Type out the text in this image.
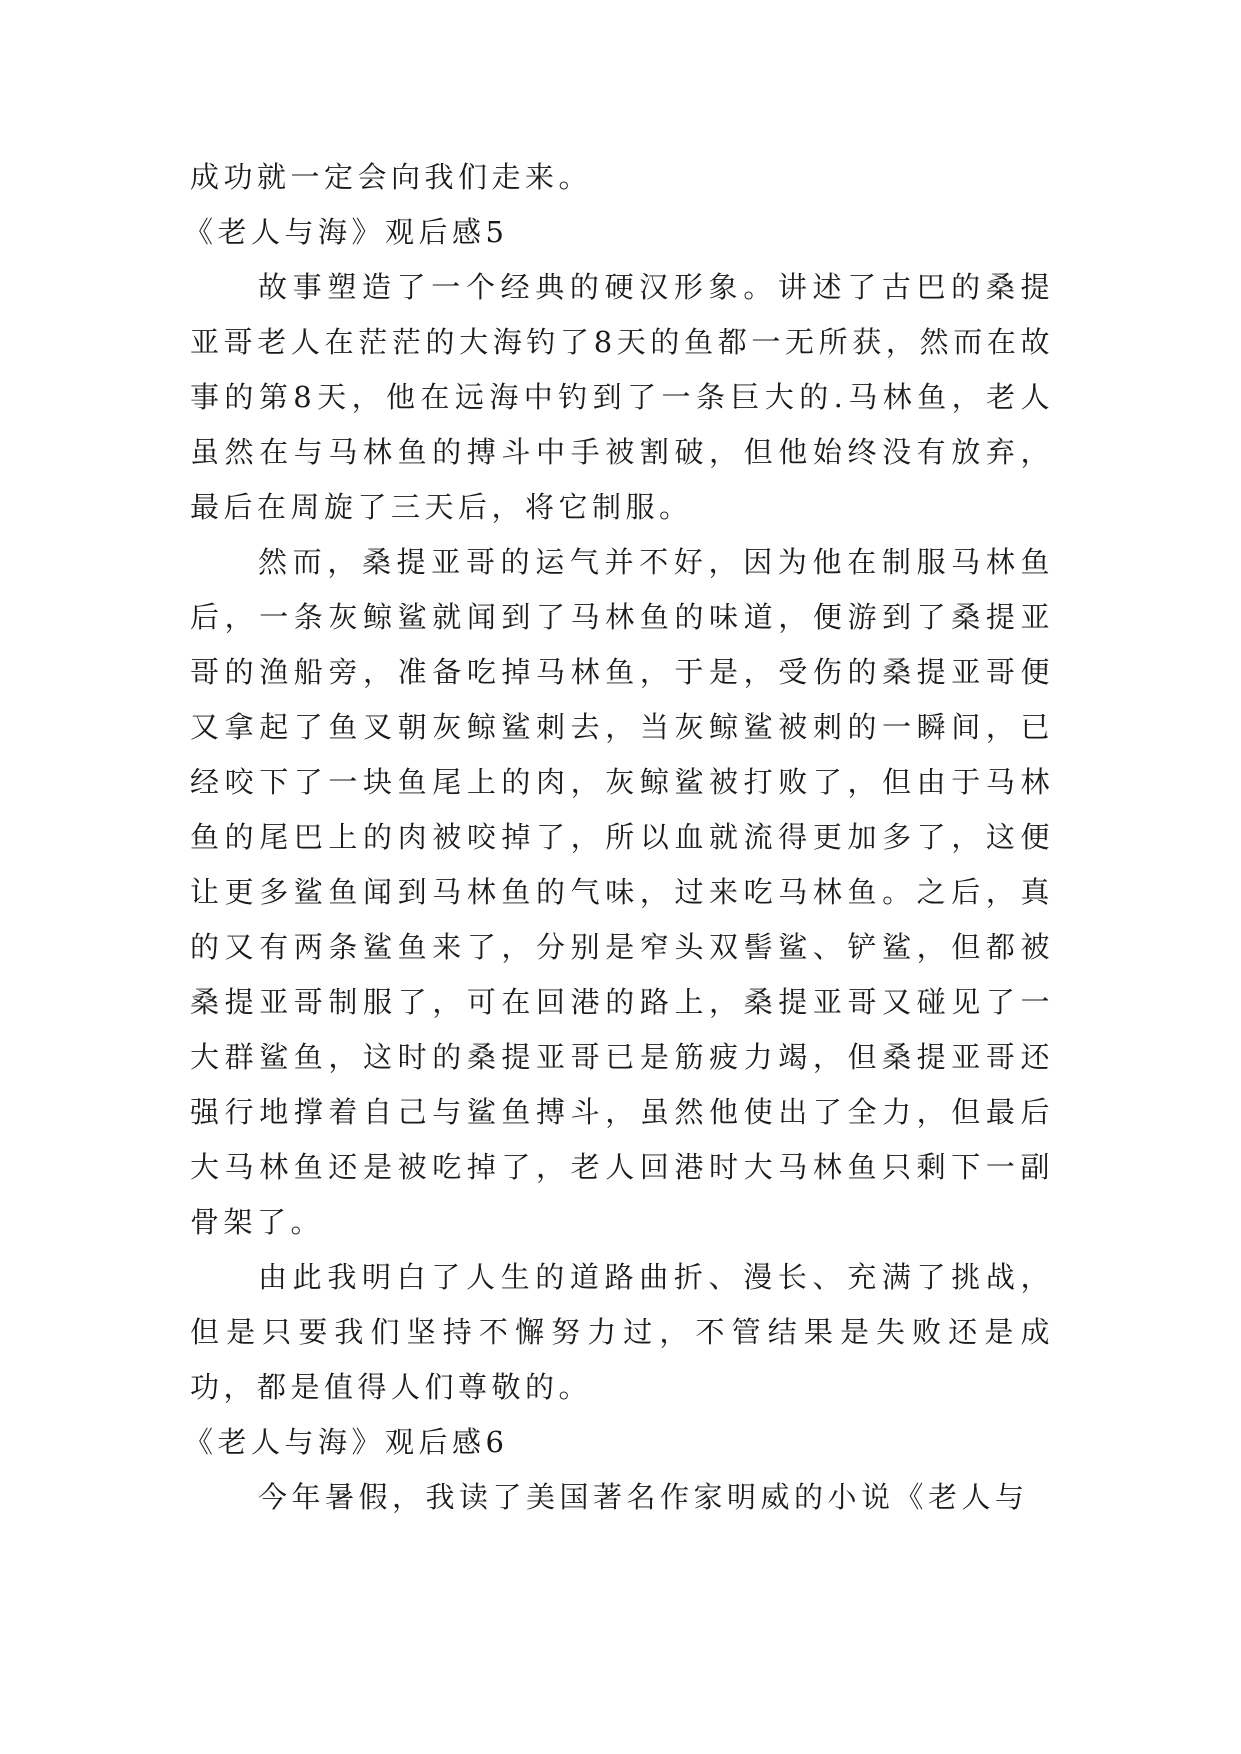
成功就一定会向我们走来。

《老人与海》观后感5

故事塑造了一个经典的硬汉形象。讲述了古巴的桑提亚哥老人在茫茫的大海钓了8天的鱼都一无所获，然而在故事的第8天，他在远海中钓到了一条巨大的.马林鱼，老人虽然在与马林鱼的搏斗中手被割破，但他始终没有放弃，最后在周旋了三天后，将它制服。

然而，桑提亚哥的运气并不好，因为他在制服马林鱼后，一条灰鲸鲨就闻到了马林鱼的味道，便游到了桑提亚哥的渔船旁，准备吃掉马林鱼，于是，受伤的桑提亚哥便又拿起了鱼叉朝灰鲸鲨刺去，当灰鲸鲨被刺的一瞬间，已经咬下了一块鱼尾上的肉，灰鲸鲨被打败了，但由于马林鱼的尾巴上的肉被咬掉了，所以血就流得更加多了，这便让更多鲨鱼闻到马林鱼的气味，过来吃马林鱼。之后，真的又有两条鲨鱼来了，分别是窄头双髻鲨、铲鲨，但都被桑提亚哥制服了，可在回港的路上，桑提亚哥又碰见了一大群鲨鱼，这时的桑提亚哥已是筋疲力竭，但桑提亚哥还强行地撑着自己与鲨鱼搏斗，虽然他使出了全力，但最后大马林鱼还是被吃掉了，老人回港时大马林鱼只剩下一副骨架了。

由此我明白了人生的道路曲折、漫长、充满了挑战，但是只要我们坚持不懈努力过，不管结果是失败还是成功，都是值得人们尊敬的。

《老人与海》观后感6

今年暑假，我读了美国著名作家明威的小说《老人与
